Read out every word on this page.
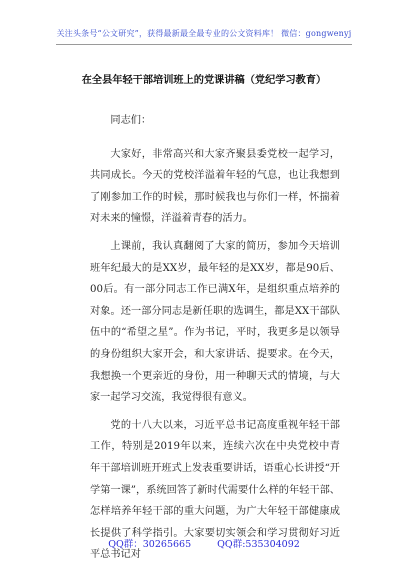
关注头条号“公文研究”，获得最新最全最专业的公文资料库！ 微信：gongwenyj
在全县年轻干部培训班上的党课讲稿（党纪学习教育）

同志们：

大家好，非常高兴和大家齐聚县委党校一起学习，共同成长。今天的党校洋溢着年轻的气息，也让我想到了刚参加工作的时候，那时候我也与你们一样，怀揣着对未来的憧憬，洋溢着青春的活力。

上课前，我认真翻阅了大家的简历，参加今天培训班年纪最大的是XX岁，最年轻的是XX岁，都是90后、00后。有一部分同志工作已满X年，是组织重点培养的对象。还一部分同志是新任职的选调生，都是XX干部队伍中的“希望之星”。作为书记，平时，我更多是以领导的身份组织大家开会，和大家讲话、提要求。在今天，我想换一个更亲近的身份，用一种聊天式的情境，与大家一起学习交流，我觉得很有意义。

党的十八大以来，习近平总书记高度重视年轻干部工作，特别是2019年以来，连续六次在中央党校中青年干部培训班开班式上发表重要讲话，语重心长讲授“开学第一课”，系统回答了新时代需要什么样的年轻干部、怎样培养年轻干部的重大问题，为广大年轻干部健康成长提供了科学指引。大家要切实领会和学习贯彻好习近平总书记对

QQ群：30265665	QQ群:535304092
